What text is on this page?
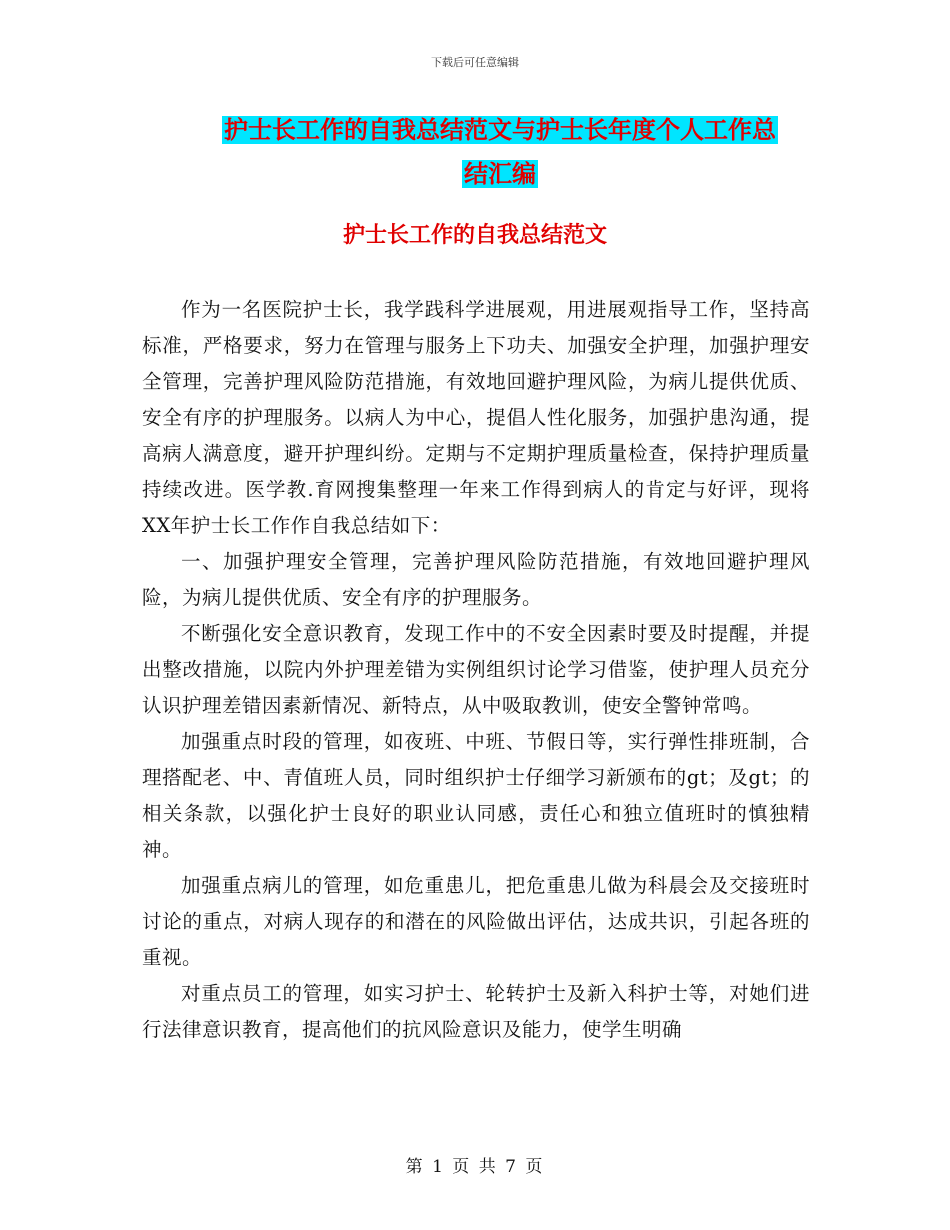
下载后可任意编辑
护士长工作的自我总结范文与护士长年度个人工作总
结汇编
护士长工作的自我总结范文

作为一名医院护士长，我学践科学进展观，用进展观指导工作，坚持高标准，严格要求，努力在管理与服务上下功夫、加强安全护理，加强护理安全管理，完善护理风险防范措施，有效地回避护理风险，为病儿提供优质、安全有序的护理服务。以病人为中心，提倡人性化服务，加强护患沟通，提高病人满意度，避开护理纠纷。定期与不定期护理质量检查，保持护理质量持续改进。医学教.育网搜集整理一年来工作得到病人的肯定与好评，现将XX年护士长工作作自我总结如下：

一、加强护理安全管理，完善护理风险防范措施，有效地回避护理风险，为病儿提供优质、安全有序的护理服务。

不断强化安全意识教育，发现工作中的不安全因素时要及时提醒，并提出整改措施，以院内外护理差错为实例组织讨论学习借鉴，使护理人员充分认识护理差错因素新情况、新特点，从中吸取教训，使安全警钟常鸣。

加强重点时段的管理，如夜班、中班、节假日等，实行弹性排班制，合理搭配老、中、青值班人员，同时组织护士仔细学习新颁布的gt；及gt；的相关条款，以强化护士良好的职业认同感，责任心和独立值班时的慎独精神。

加强重点病儿的管理，如危重患儿，把危重患儿做为科晨会及交接班时讨论的重点，对病人现存的和潜在的风险做出评估，达成共识，引起各班的重视。

对重点员工的管理，如实习护士、轮转护士及新入科护士等，对她们进行法律意识教育，提高他们的抗风险意识及能力，使学生明确

第 1 页 共 7 页
